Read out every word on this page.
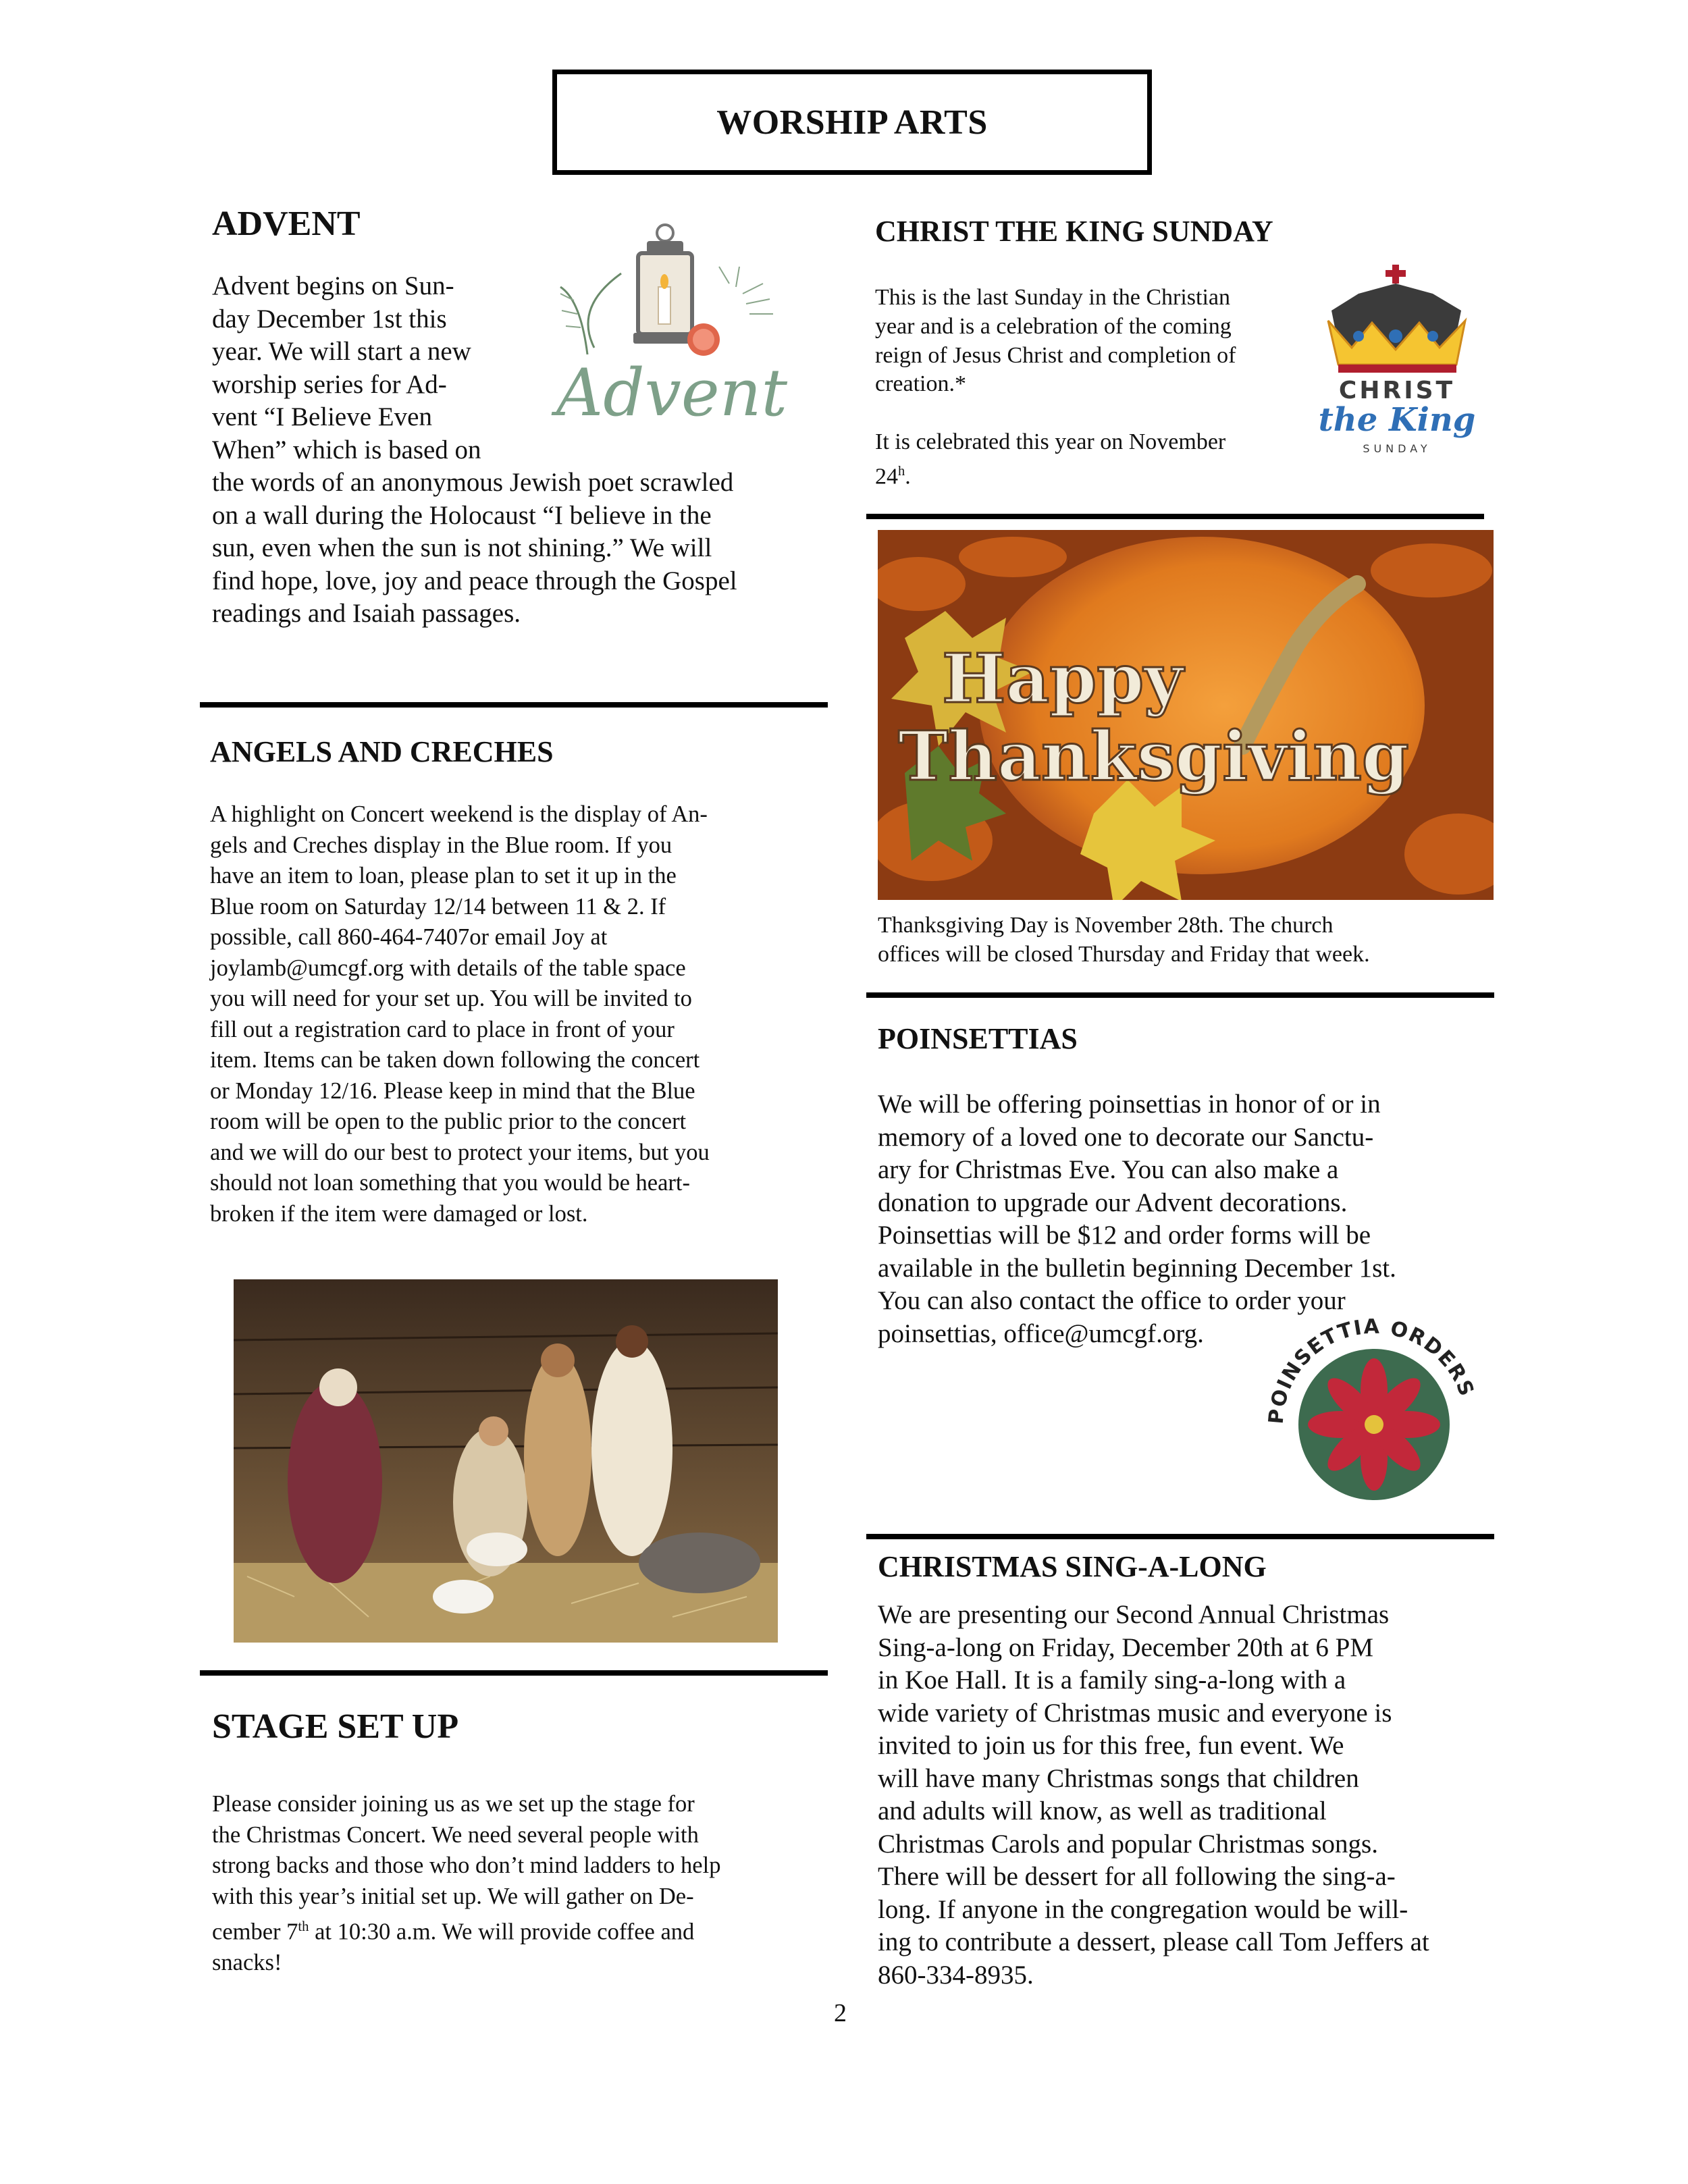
WORSHIP ARTS
ADVENT

Advent begins on Sun-

day December 1st this

year. We will start a new

worship series for Ad-

vent “I Believe Even

When” which is based on

the words of an anonymous Jewish poet scrawled

on a wall during the Holocaust “I believe in the

sun, even when the sun is not shining.” We will

find hope, love, joy and peace through the Gospel

readings and Isaiah passages.

Advent
ANGELS AND CRECHES

A highlight on Concert weekend is the display of An-

gels and Creches display in the Blue room. If you

have an item to loan, please plan to set it up in the

Blue room on Saturday 12/14 between 11 & 2. If

possible, call 860-464-7407or email Joy at

joylamb@umcgf.org with details of the table space

you will need for your set up. You will be invited to

fill out a registration card to place in front of your

item. Items can be taken down following the concert

or Monday 12/16. Please keep in mind that the Blue

room will be open to the public prior to the concert

and we will do our best to protect your items, but you

should not loan something that you would be heart-

broken if the item were damaged or lost.

STAGE SET UP

Please consider joining us as we set up the stage for

the Christmas Concert. We need several people with

strong backs and those who don’t mind ladders to help

with this year’s initial set up. We will gather on De-

cember 7th at 10:30 a.m. We will provide coffee and

snacks!

CHRIST THE KING SUNDAY

This is the last Sunday in the Christian

year and is a celebration of the coming

reign of Jesus Christ and completion of

creation.*

It is celebrated this year on November

24$^h$.

CHRIST
the King
SUNDAY
Happy
Thanksgiving

Thanksgiving Day is November 28th. The church

offices will be closed Thursday and Friday that week.

POINSETTIAS

We will be offering poinsettias in honor of or in

memory of a loved one to decorate our Sanctu-

ary for Christmas Eve. You can also make a

donation to upgrade our Advent decorations.

Poinsettias will be $12 and order forms will be

available in the bulletin beginning December 1st.

You can also contact the office to order your

poinsettias, office@umcgf.org.

POINSETTIA ORDERS
CHRISTMAS SING-A-LONG

We are presenting our Second Annual Christmas

Sing-a-long on Friday, December 20th at 6 PM

in Koe Hall. It is a family sing-a-long with a

wide variety of Christmas music and everyone is

invited to join us for this free, fun event. We

will have many Christmas songs that children

and adults will know, as well as traditional

Christmas Carols and popular Christmas songs.

There will be dessert for all following the sing-a-

long. If anyone in the congregation would be will-

ing to contribute a dessert, please call Tom Jeffers at

860-334-8935.

2
